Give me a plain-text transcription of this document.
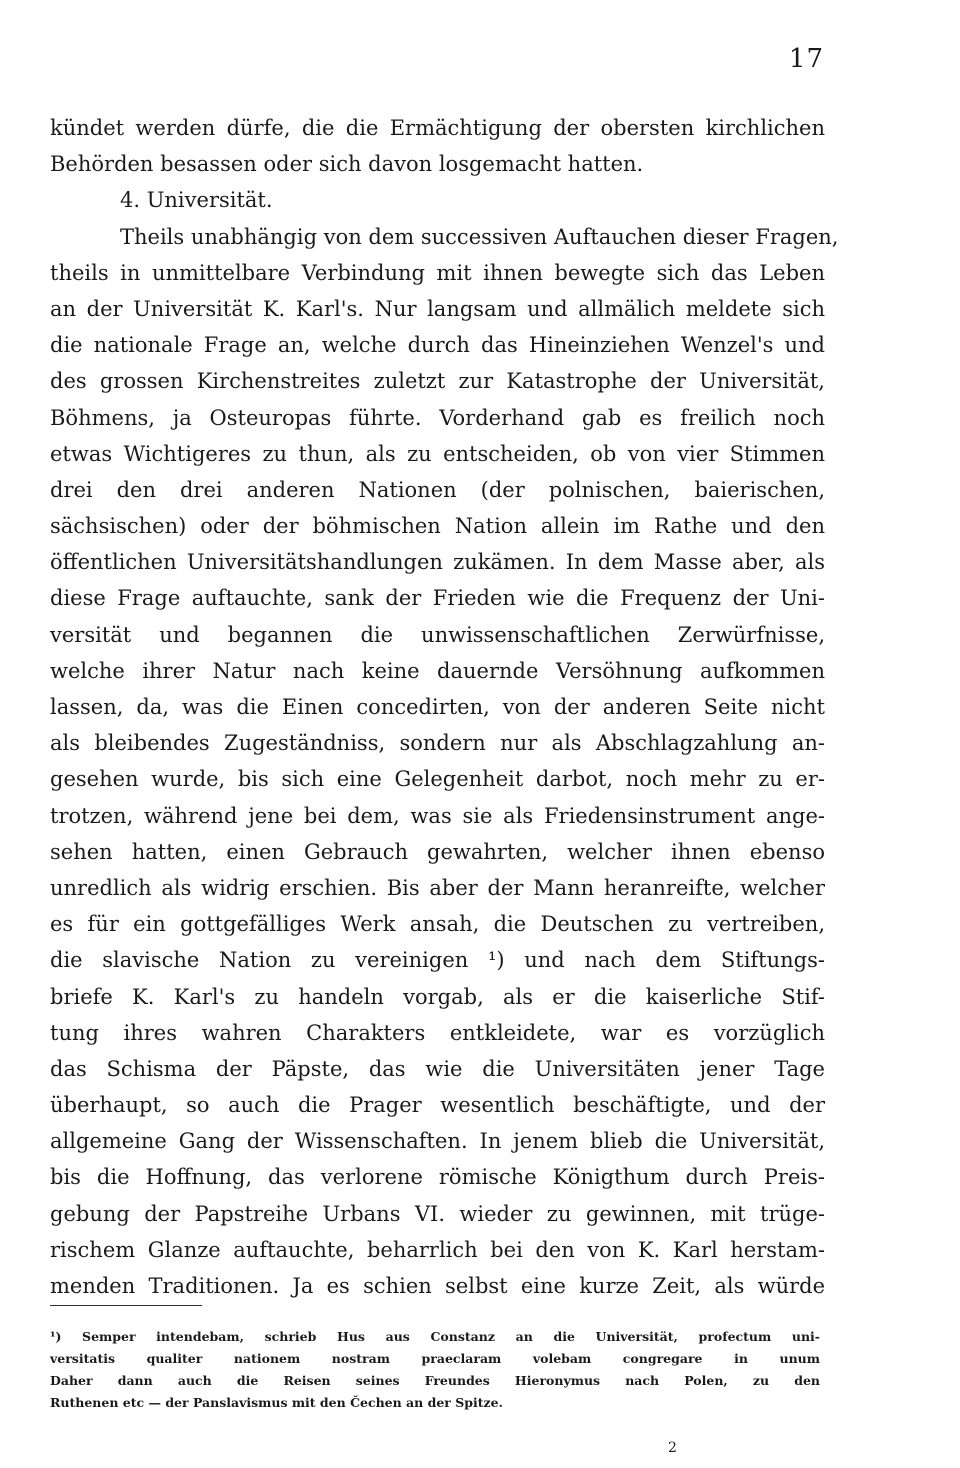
17
kündet werden dürfe, die die Ermächtigung der obersten kirchlichen
Behörden besassen oder sich davon losgemacht hatten.
4. Universität.
Theils unabhängig von dem successiven Auftauchen dieser Fragen,
theils in unmittelbare Verbindung mit ihnen bewegte sich das Leben
an der Universität K. Karl's. Nur langsam und allmälich meldete sich
die nationale Frage an, welche durch das Hineinziehen Wenzel's und
des grossen Kirchenstreites zuletzt zur Katastrophe der Universität,
Böhmens, ja Osteuropas führte. Vorderhand gab es freilich noch
etwas Wichtigeres zu thun, als zu entscheiden, ob von vier Stimmen
drei den drei anderen Nationen (der polnischen, baierischen,
sächsischen) oder der böhmischen Nation allein im Rathe und den
öffentlichen Universitätshandlungen zukämen. In dem Masse aber, als
diese Frage auftauchte, sank der Frieden wie die Frequenz der Uni-
versität und begannen die unwissenschaftlichen Zerwürfnisse,
welche ihrer Natur nach keine dauernde Versöhnung aufkommen
lassen, da, was die Einen concedirten, von der anderen Seite nicht
als bleibendes Zugeständniss, sondern nur als Abschlagzahlung an-
gesehen wurde, bis sich eine Gelegenheit darbot, noch mehr zu er-
trotzen, während jene bei dem, was sie als Friedensinstrument ange-
sehen hatten, einen Gebrauch gewahrten, welcher ihnen ebenso
unredlich als widrig erschien. Bis aber der Mann heranreifte, welcher
es für ein gottgefälliges Werk ansah, die Deutschen zu vertreiben,
die slavische Nation zu vereinigen ¹) und nach dem Stiftungs-
briefe K. Karl's zu handeln vorgab, als er die kaiserliche Stif-
tung ihres wahren Charakters entkleidete, war es vorzüglich
das Schisma der Päpste, das wie die Universitäten jener Tage
überhaupt, so auch die Prager wesentlich beschäftigte, und der
allgemeine Gang der Wissenschaften. In jenem blieb die Universität,
bis die Hoffnung, das verlorene römische Königthum durch Preis-
gebung der Papstreihe Urbans VI. wieder zu gewinnen, mit trüge-
rischem Glanze auftauchte, beharrlich bei den von K. Karl herstam-
menden Traditionen. Ja es schien selbst eine kurze Zeit, als würde
¹) Semper intendebam, schrieb Hus aus Constanz an die Universität, profectum uni-
versitatis qualiter nationem nostram praeclaram volebam congregare in unum
Daher dann auch die Reisen seines Freundes Hieronymus nach Polen, zu den
Ruthenen etc — der Panslavismus mit den Čechen an der Spitze.
2
